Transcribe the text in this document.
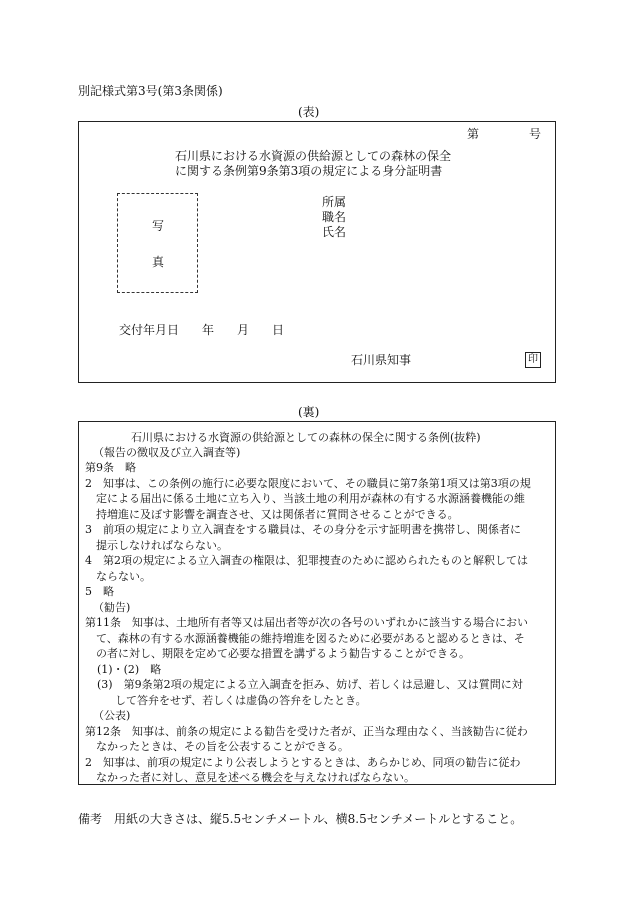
別記様式第3号(第3条関係)
(表)
第	号
石川県における水資源の供給源としての森林の保全
に関する条例第9条第3項の規定による身分証明書
写
真
所属
職名
氏名
交付年月日 年 月 日
石川県知事	印
(裏)
石川県における水資源の供給源としての森林の保全に関する条例(抜粋)
（報告の徴収及び立入調査等)
第9条　略
2　知事は、この条例の施行に必要な限度において、その職員に第7条第1項又は第3項の規
　定による届出に係る土地に立ち入り、当該土地の利用が森林の有する水源涵養機能の維
　持増進に及ぼす影響を調査させ、又は関係者に質問させることができる。
3　前項の規定により立入調査をする職員は、その身分を示す証明書を携帯し、関係者に
　提示しなければならない。
4　第2項の規定による立入調査の権限は、犯罪捜査のために認められたものと解釈しては
　ならない。
5　略
（勧告)
第11条　知事は、土地所有者等又は届出者等が次の各号のいずれかに該当する場合におい
　て、森林の有する水源涵養機能の維持増進を図るために必要があると認めるときは、そ
　の者に対し、期限を定めて必要な措置を講ずるよう勧告することができる。
(1)・(2)　略
(3)　第9条第2項の規定による立入調査を拒み、妨げ、若しくは忌避し、又は質問に対
して答弁をせず、若しくは虚偽の答弁をしたとき。
（公表)
第12条　知事は、前条の規定による勧告を受けた者が、正当な理由なく、当該勧告に従わ
　なかったときは、その旨を公表することができる。
2　知事は、前項の規定により公表しようとするときは、あらかじめ、同項の勧告に従わ
　なかった者に対し、意見を述べる機会を与えなければならない。
備考　用紙の大きさは、縦5.5センチメートル、横8.5センチメートルとすること。
